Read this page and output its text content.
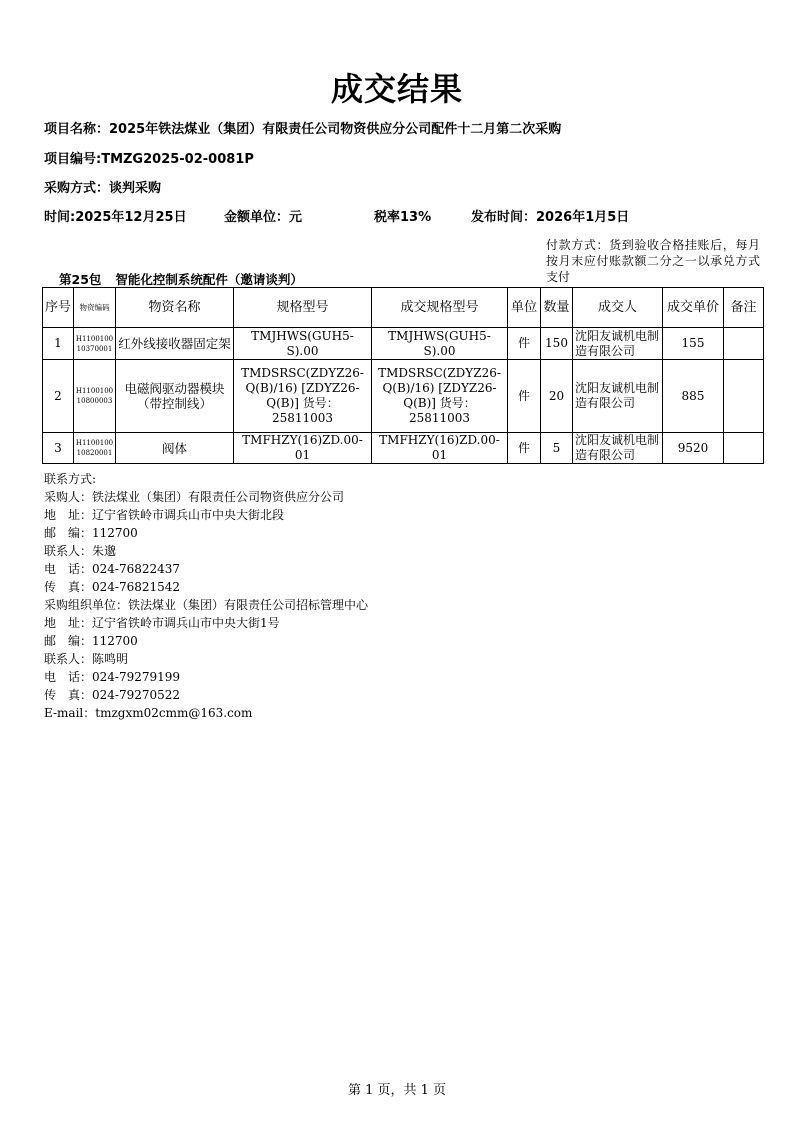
成交结果
项目名称：2025年铁法煤业（集团）有限责任公司物资供应分公司配件十二月第二次采购
项目编号:TMZG2025-02-0081P
采购方式：谈判采购
时间:2025年12月25日	金额单位：元	税率13%	发布时间：2026年1月5日
付款方式：货到验收合格挂账后，每月按月末应付账款额二分之一以承兑方式支付
第25包 智能化控制系统配件（邀请谈判）
序号	物资编码	物资名称	规格型号	成交规格型号	单位	数量	成交人	成交单价	备注
1	H1100100 10370001	红外线接收器固定架	TMJHWS(GUH5-S).00	TMJHWS(GUH5-S).00	件	150	沈阳友诚机电制造有限公司	155	
2	H1100100 10800003	电磁阀驱动器模块（带控制线）	TMDSRSC(ZDYZ26-Q(B)/16) [ZDYZ26-Q(B)] 货号：25811003	TMDSRSC(ZDYZ26-Q(B)/16) [ZDYZ26-Q(B)] 货号：25811003	件	20	沈阳友诚机电制造有限公司	885	
3	H1100100 10820001	阀体	TMFHZY(16)ZD.00-01	TMFHZY(16)ZD.00-01	件	5	沈阳友诚机电制造有限公司	9520	
联系方式:
采购人：铁法煤业（集团）有限责任公司物资供应分公司
地　址：辽宁省铁岭市调兵山市中央大街北段
邮　编：112700
联系人：朱邈
电　话：024-76822437
传　真：024-76821542
采购组织单位：铁法煤业（集团）有限责任公司招标管理中心
地　址：辽宁省铁岭市调兵山市中央大街1号
邮　编：112700
联系人：陈鸣明
电　话：024-79279199
传　真：024-79270522
E-mail：tmzgxm02cmm@163.com
第 1 页，共 1 页
